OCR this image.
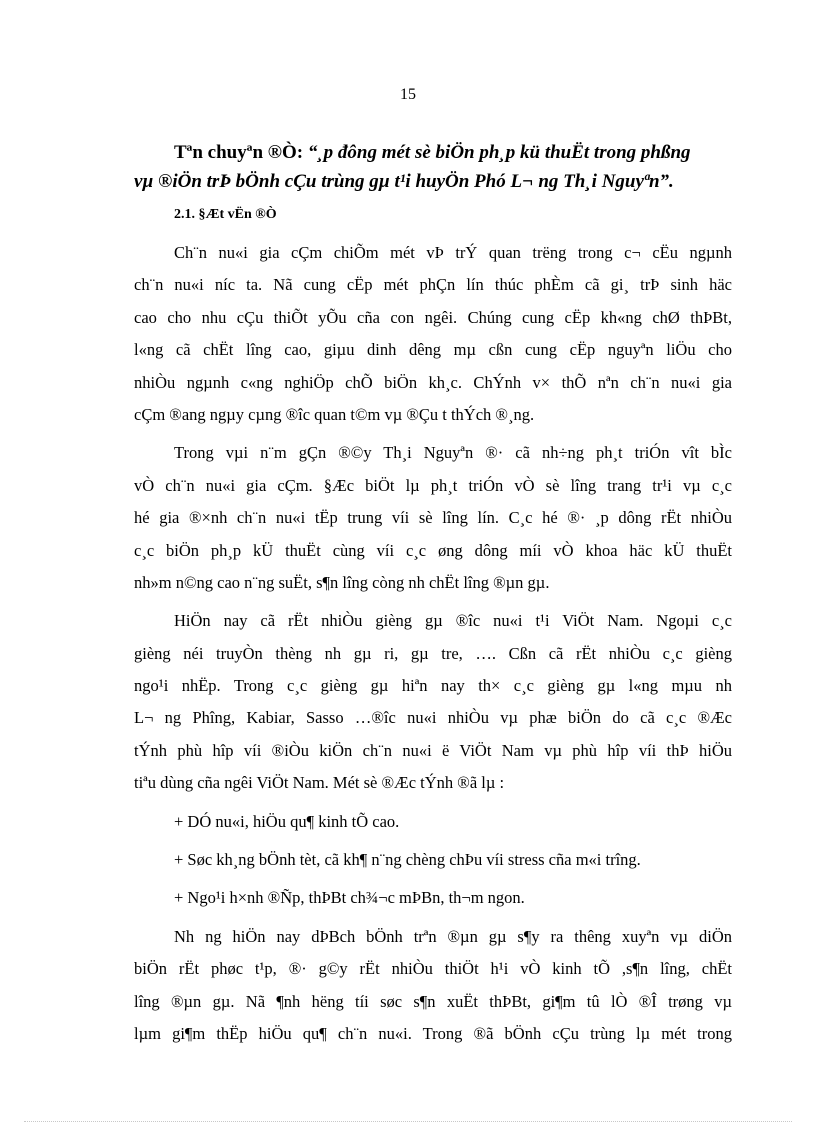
15
Tªn chuyªn ®Ò: “¸p đông mét sè biÖn ph¸p kü thuËt trong phßng
vµ ®iÖn trÞ bÖnh cÇu trùng gµ t¹i huyÖn Phó L¬ ng Th¸i Nguyªn”.
2.1. §Æt vËn ®Ò
Ch¨n nu«i gia cÇm chiÕm mét vÞ trÝ quan trëng trong c¬ cËu ngµnh
ch¨n nu«i níc ta. Nã cung cËp mét phÇn lín thúc phÈm cã gi¸ trÞ sinh häc
cao cho nhu cÇu thiÕt yÕu cña con ngêi. Chúng cung cËp kh«ng chØ thÞBt,
l«ng cã chËt lîng cao, giµu dinh dêng mµ cßn cung cËp nguyªn liÖu cho
nhiÒu ngµnh c«ng nghiÖp chÕ biÖn kh¸c. ChÝnh v× thÕ nªn ch¨n nu«i gia
cÇm ®ang ngµy cµng ®îc quan t©m vµ ®Çu t thÝch ®¸ng.
Trong vµi n¨m gÇn ®©y Th¸i Nguyªn ®· cã nh÷ng ph¸t triÓn vît bÌc
vÒ ch¨n nu«i gia cÇm. §Æc biÖt lµ ph¸t triÓn vÒ sè lîng trang tr¹i vµ c¸c
hé gia ®×nh ch¨n nu«i tËp trung víi sè lîng lín. C¸c hé ®· ¸p dông rËt nhiÒu
c¸c biÖn ph¸p kÜ thuËt cùng víi c¸c øng dông míi vÒ khoa häc kÜ thuËt
nh»m n©ng cao n¨ng suËt, s¶n lîng còng nh chËt lîng ®µn gµ.
HiÖn nay cã rËt nhiÒu gièng gµ ®îc nu«i t¹i ViÖt Nam. Ngoµi c¸c
gièng néi truyÒn thèng nh gµ ri, gµ tre, …. Cßn cã rËt nhiÒu c¸c gièng
ngo¹i nhËp. Trong c¸c gièng gµ hiªn nay th× c¸c gièng gµ l«ng mµu nh
L¬ ng Phîng, Kabiar, Sasso …®îc nu«i nhiÒu vµ phæ biÖn do cã c¸c ®Æc
tÝnh phù hîp víi ®iÒu kiÖn ch¨n nu«i ë ViÖt Nam vµ phù hîp víi thÞ hiÖu
tiªu dùng cña ngêi ViÖt Nam. Mét sè ®Æc tÝnh ®ã lµ :
+ DÓ nu«i, hiÖu qu¶ kinh tÕ cao.
+ Søc kh¸ng bÖnh tèt, cã kh¶ n¨ng chèng chÞu víi stress cña m«i trîng.
+ Ngo¹i h×nh ®Ñp, thÞBt ch¾¬c mÞBn, th¬m ngon.
Nh ng hiÖn nay dÞBch bÖnh trªn ®µn gµ s¶y ra thêng xuyªn vµ diÖn
biÖn rËt phøc t¹p, ®· g©y rËt nhiÒu thiÖt h¹i vÒ kinh tÕ ,s¶n lîng, chËt
lîng ®µn gµ. Nã ¶nh hëng tíi søc s¶n xuËt thÞBt, gi¶m tû lÒ ®Î trøng vµ
lµm gi¶m thËp hiÖu qu¶ ch¨n nu«i. Trong ®ã bÖnh cÇu trùng lµ mét trong
